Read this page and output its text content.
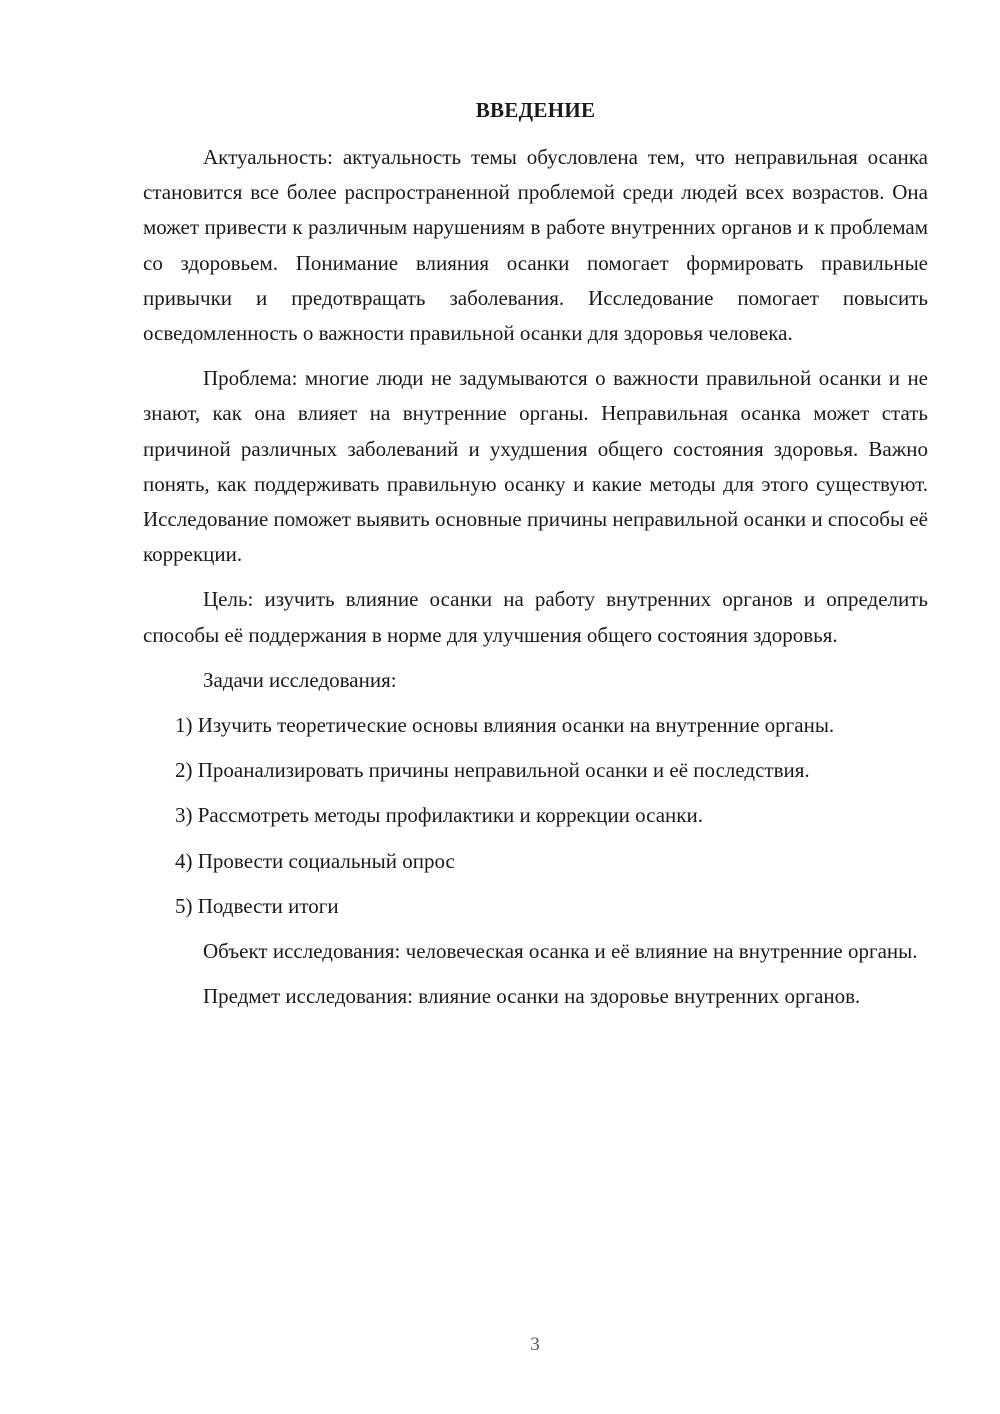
ВВЕДЕНИЕ

Актуальность: актуальность темы обусловлена тем, что неправильная осанка становится все более распространенной проблемой среди людей всех возрастов. Она может привести к различным нарушениям в работе внутренних органов и к проблемам со здоровьем. Понимание влияния осанки помогает формировать правильные привычки и предотвращать заболевания. Исследование помогает повысить осведомленность о важности правильной осанки для здоровья человека.

Проблема: многие люди не задумываются о важности правильной осанки и не знают, как она влияет на внутренние органы. Неправильная осанка может стать причиной различных заболеваний и ухудшения общего состояния здоровья. Важно понять, как поддерживать правильную осанку и какие методы для этого существуют. Исследование поможет выявить основные причины неправильной осанки и способы её коррекции.

Цель: изучить влияние осанки на работу внутренних органов и определить способы её поддержания в норме для улучшения общего состояния здоровья.

Задачи исследования:

1) Изучить теоретические основы влияния осанки на внутренние органы.

2) Проанализировать причины неправильной осанки и её последствия.

3) Рассмотреть методы профилактики и коррекции осанки.

4) Провести социальный опрос

5) Подвести итоги

Объект исследования: человеческая осанка и её влияние на внутренние органы.

Предмет исследования: влияние осанки на здоровье внутренних органов.

3
